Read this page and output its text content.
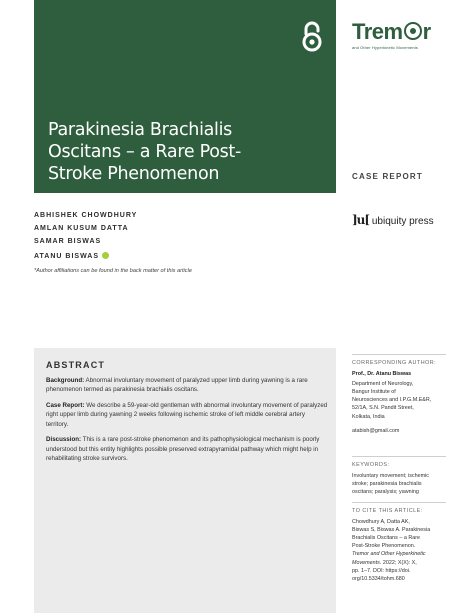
Parakinesia Brachialis
Oscitans – a Rare Post-
Stroke Phenomenon
Trem r
and Other Hyperkinetic Movements
CASE REPORT
ABHISHEK CHOWDHURY
AMLAN KUSUM DATTA
SAMAR BISWAS
ATANU BISWAS
*Author affiliations can be found in the back matter of this article
]u[ ubiquity press
ABSTRACT

Background: Abnormal involuntary movement of paralyzed upper limb during yawning is a rare phenomenon termed as parakinesia brachialis oscitans.

Case Report: We describe a 59-year-old gentleman with abnormal involuntary movement of paralyzed right upper limb during yawning 2 weeks following ischemic stroke of left middle cerebral artery territory.

Discussion: This is a rare post-stroke phenomenon and its pathophysiological mechanism is poorly understood but this entity highlights possible preserved extrapyramidal pathway which might help in rehabilitating stroke survivors.

CORRESPONDING AUTHOR:
Prof., Dr. Atanu Biswas
Department of Neurology,
Bangur Institute of
Neurosciences and I.P.G.M.E&R,
52/1A, S.N. Pandit Street,
Kolkata, India
atabish@gmail.com
KEYWORDS:
Involuntary movement; ischemic
stroke; parakinesia brachialis
oscitans; paralysis; yawning
TO CITE THIS ARTICLE:
Chowdhury A, Datta AK,
Biswas S, Biswas A. Parakinesia
Brachialis Oscitans – a Rare
Post-Stroke Phenomenon.
Tremor and Other Hyperkinetic
Movements. 2022; X(X): X,
pp. 1–7. DOI: https://doi.
org/10.5334/tohm.680
